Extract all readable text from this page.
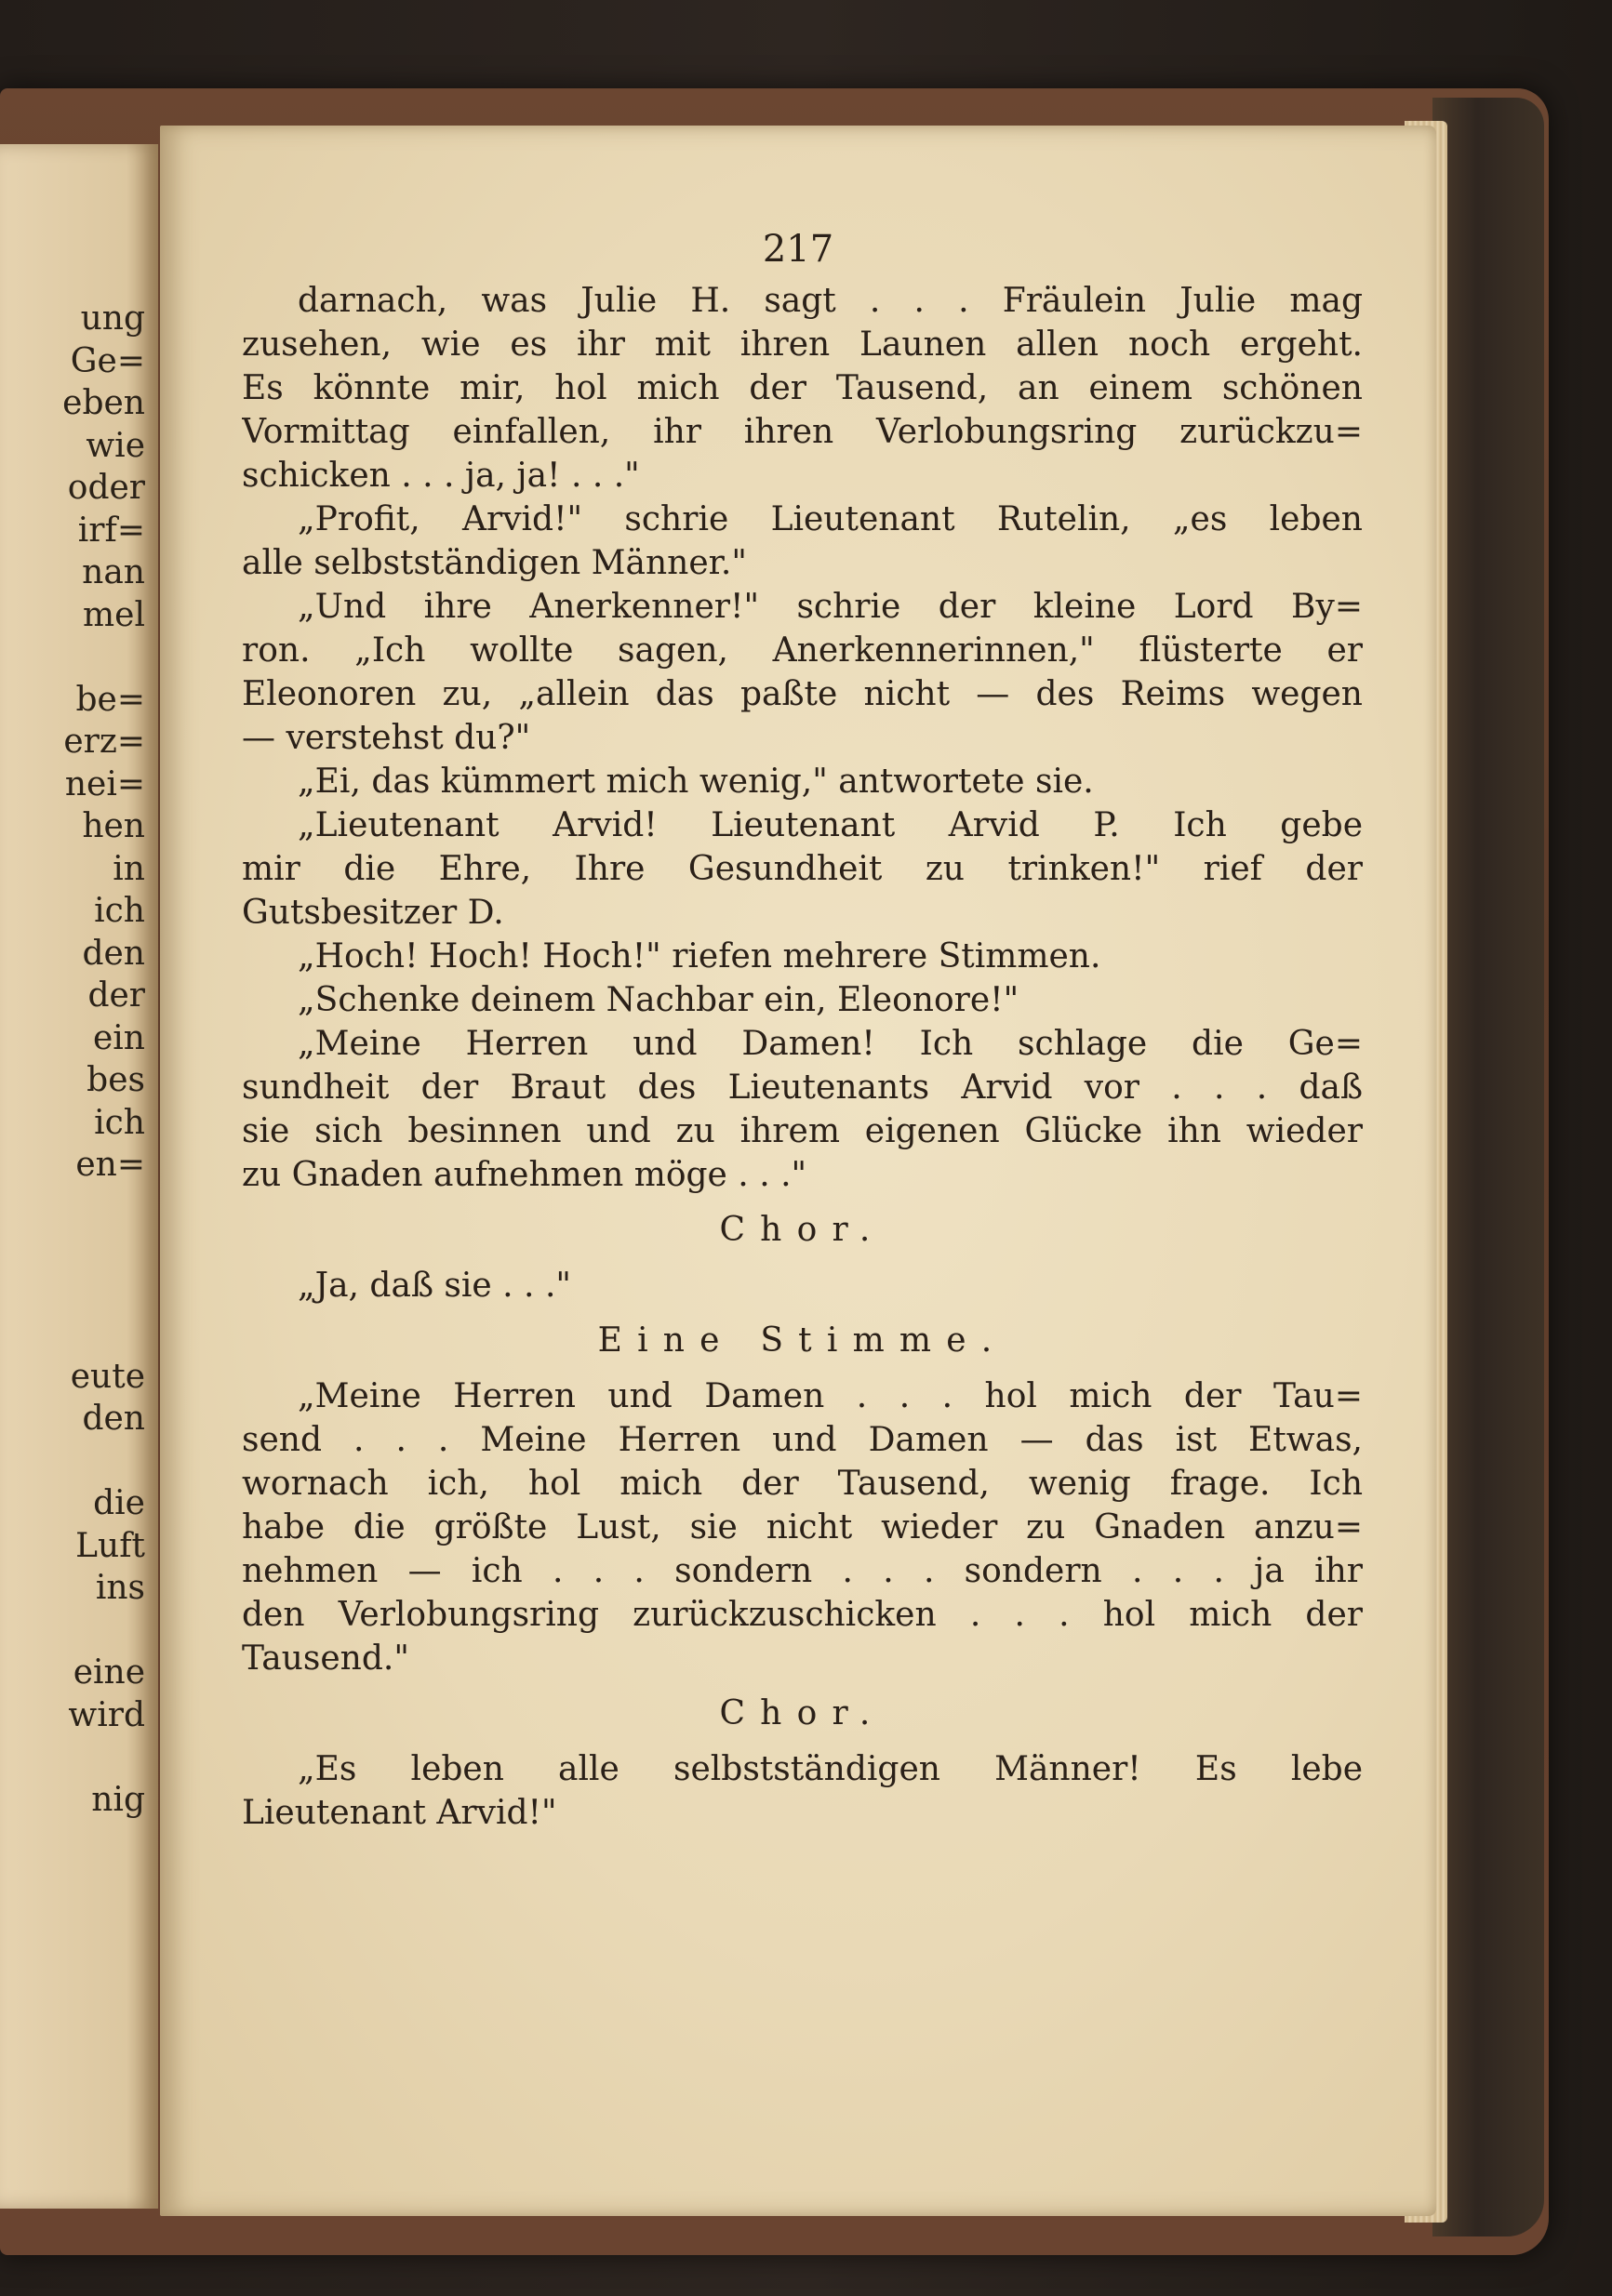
ung
Ge=
eben
wie
oder
irf=
nan
mel
be=
erz=
nei=
hen
in
ich
den
der
ein
bes
ich
en=
eute
den
die
Luft
ins
eine
wird
nig

217

darnach, was Julie H. sagt . . . Fräulein Julie mag
zusehen, wie es ihr mit ihren Launen allen noch ergeht.
Es könnte mir, hol mich der Tausend, an einem schönen
Vormittag einfallen, ihr ihren Verlobungsring zurückzu=
schicken . . . ja, ja! . . ."
„Profit, Arvid!" schrie Lieutenant Rutelin, „es leben
alle selbstständigen Männer."
„Und ihre Anerkenner!" schrie der kleine Lord By=
ron. „Ich wollte sagen, Anerkennerinnen," flüsterte er
Eleonoren zu, „allein das paßte nicht — des Reims wegen
— verstehst du?"
„Ei, das kümmert mich wenig," antwortete sie.
„Lieutenant Arvid! Lieutenant Arvid P. Ich gebe
mir die Ehre, Ihre Gesundheit zu trinken!" rief der
Gutsbesitzer D.
„Hoch! Hoch! Hoch!" riefen mehrere Stimmen.
„Schenke deinem Nachbar ein, Eleonore!"
„Meine Herren und Damen! Ich schlage die Ge=
sundheit der Braut des Lieutenants Arvid vor . . . daß
sie sich besinnen und zu ihrem eigenen Glücke ihn wieder
zu Gnaden aufnehmen möge . . ."
Chor.
„Ja, daß sie . . ."
Eine Stimme.
„Meine Herren und Damen . . . hol mich der Tau=
send . . . Meine Herren und Damen — das ist Etwas,
wornach ich, hol mich der Tausend, wenig frage. Ich
habe die größte Lust, sie nicht wieder zu Gnaden anzu=
nehmen — ich . . . sondern . . . sondern . . . ja ihr
den Verlobungsring zurückzuschicken . . . hol mich der
Tausend."
Chor.
„Es leben alle selbstständigen Männer! Es lebe
Lieutenant Arvid!"
